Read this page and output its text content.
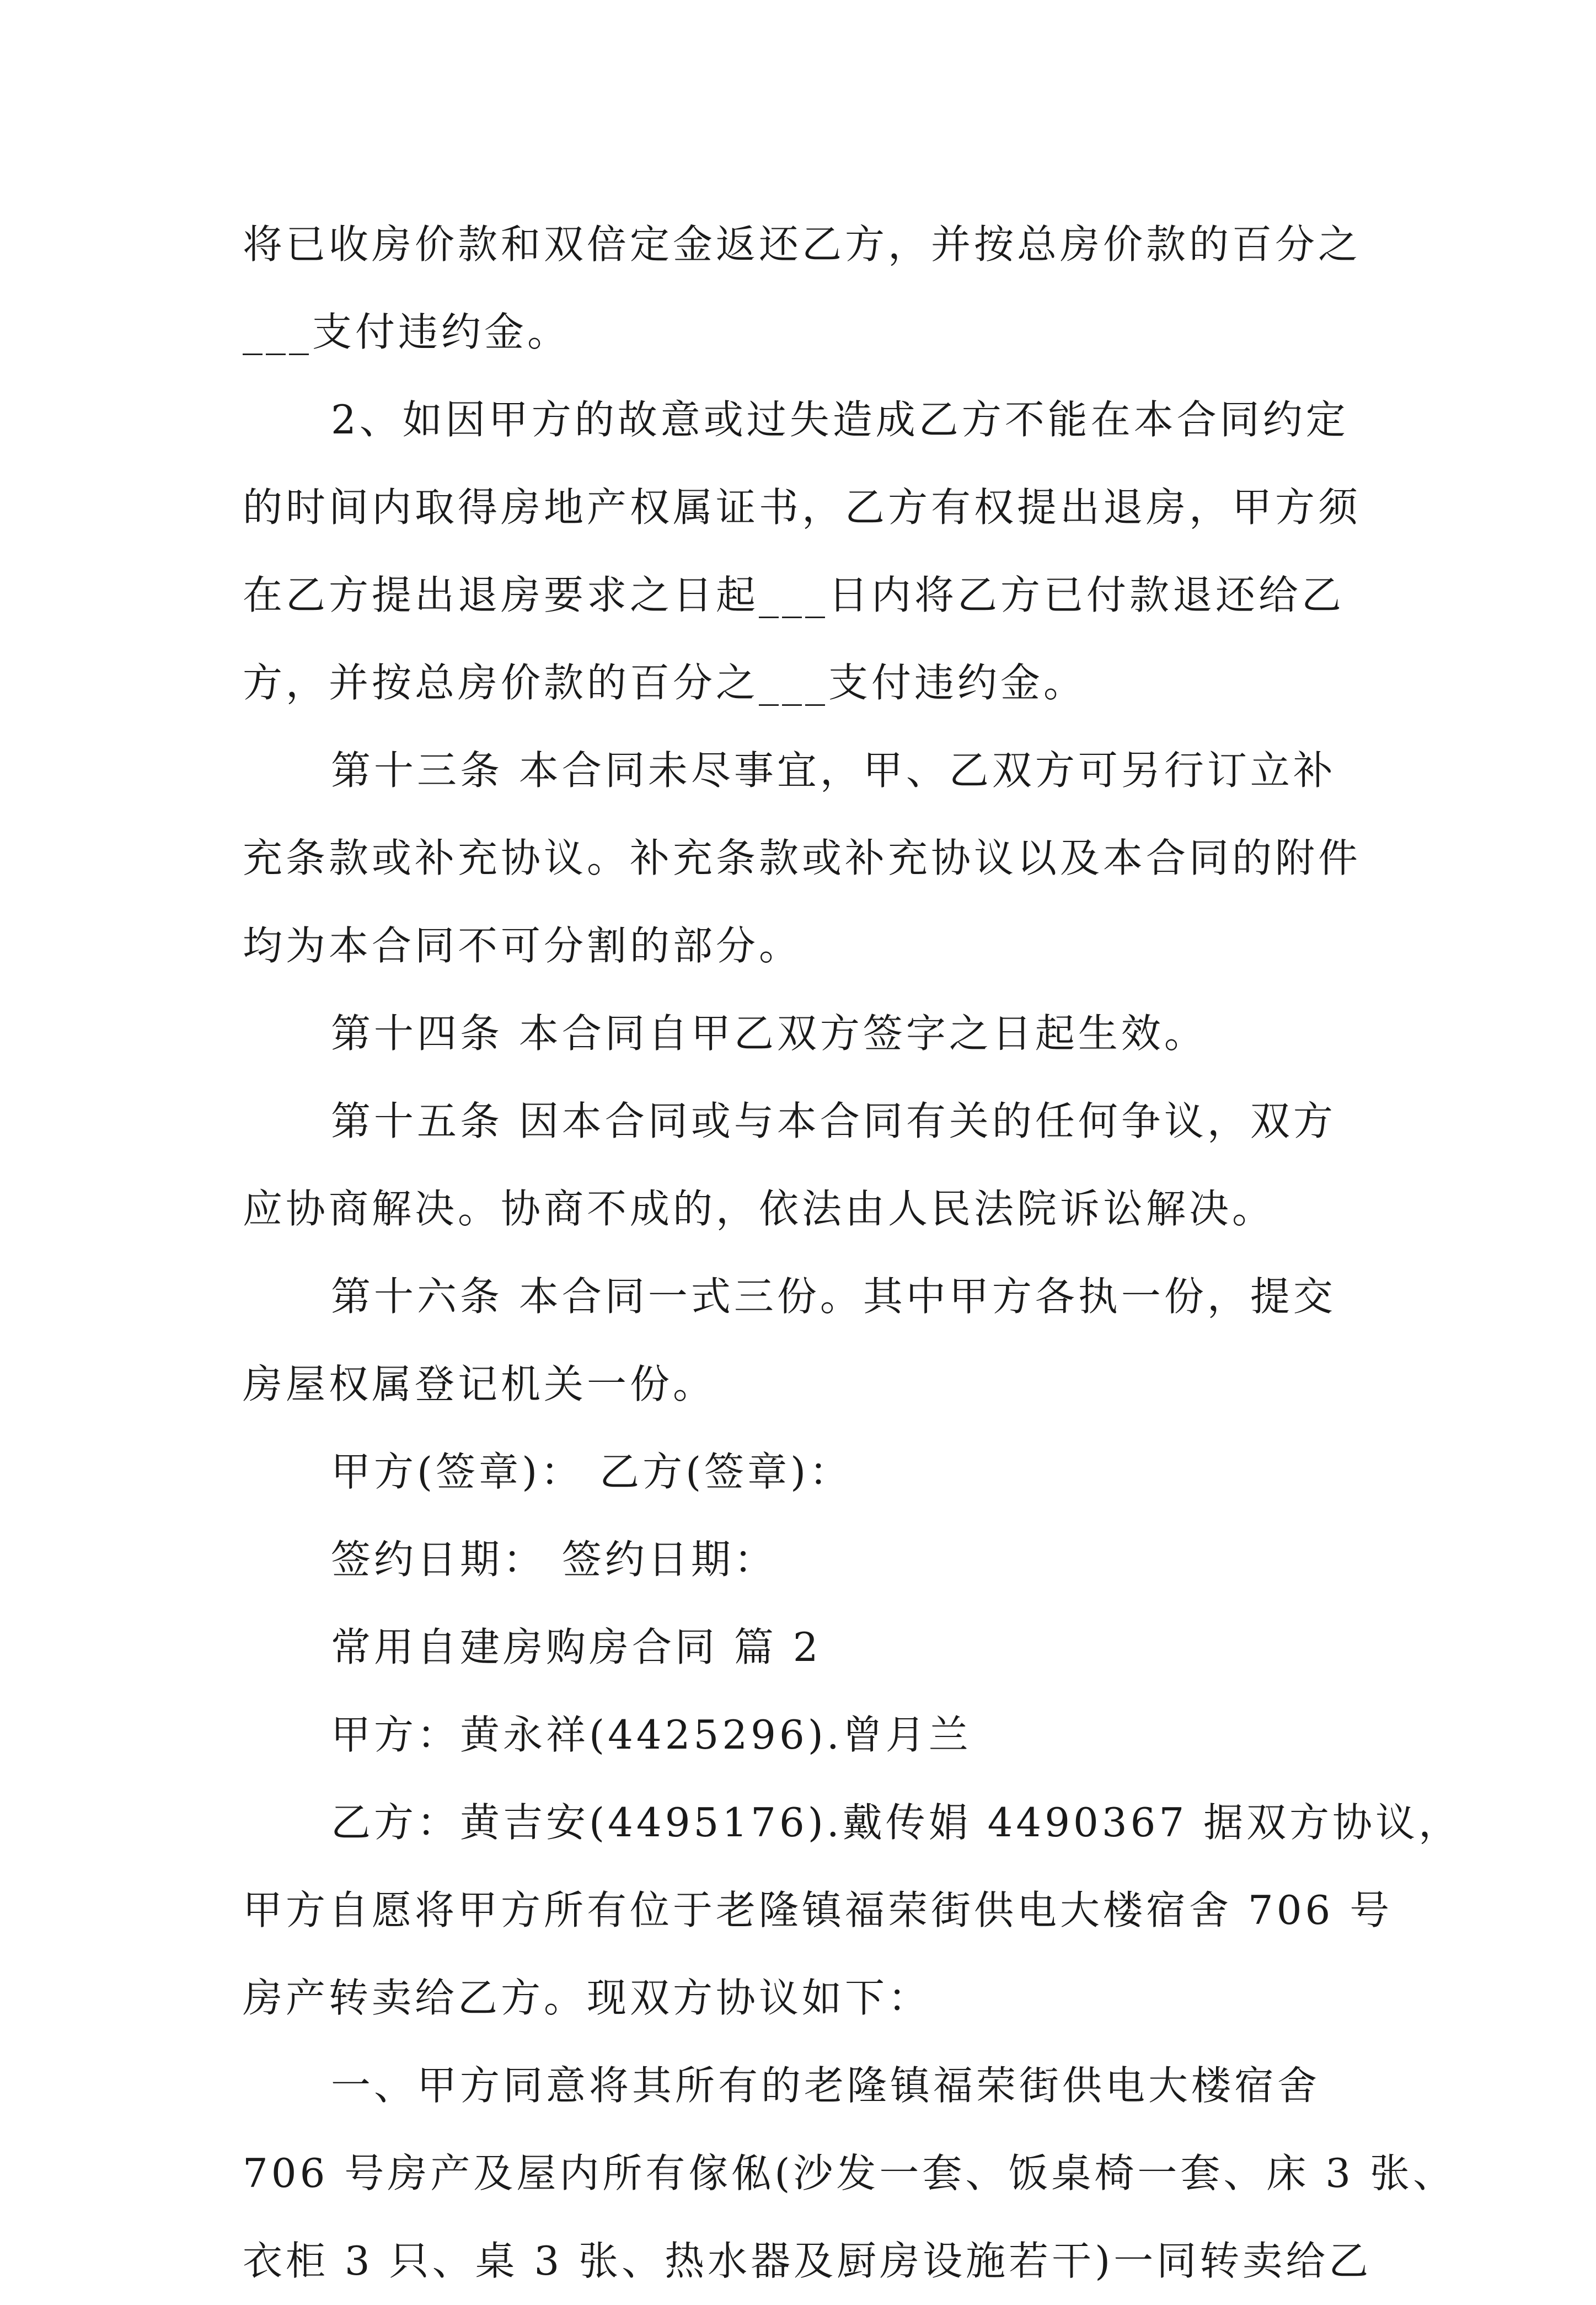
将已收房价款和双倍定金返还乙方，并按总房价款的百分之
___支付违约金。
2、如因甲方的故意或过失造成乙方不能在本合同约定
的时间内取得房地产权属证书，乙方有权提出退房，甲方须
在乙方提出退房要求之日起___日内将乙方已付款退还给乙
方，并按总房价款的百分之___支付违约金。
第十三条 本合同未尽事宜，甲、乙双方可另行订立补
充条款或补充协议。补充条款或补充协议以及本合同的附件
均为本合同不可分割的部分。
第十四条 本合同自甲乙双方签字之日起生效。
第十五条 因本合同或与本合同有关的任何争议，双方
应协商解决。协商不成的，依法由人民法院诉讼解决。
第十六条 本合同一式三份。其中甲方各执一份，提交
房屋权属登记机关一份。
甲方(签章)： 乙方(签章)：
签约日期： 签约日期：
常用自建房购房合同 篇 2
甲方：黄永祥(4425296).曾月兰
乙方：黄吉安(4495176).戴传娟 4490367 据双方协议，
甲方自愿将甲方所有位于老隆镇福荣街供电大楼宿舍 706 号
房产转卖给乙方。现双方协议如下：
一、甲方同意将其所有的老隆镇福荣街供电大楼宿舍
706 号房产及屋内所有傢俬(沙发一套、饭桌椅一套、床 3 张、
衣柜 3 只、桌 3 张、热水器及厨房设施若干)一同转卖给乙
